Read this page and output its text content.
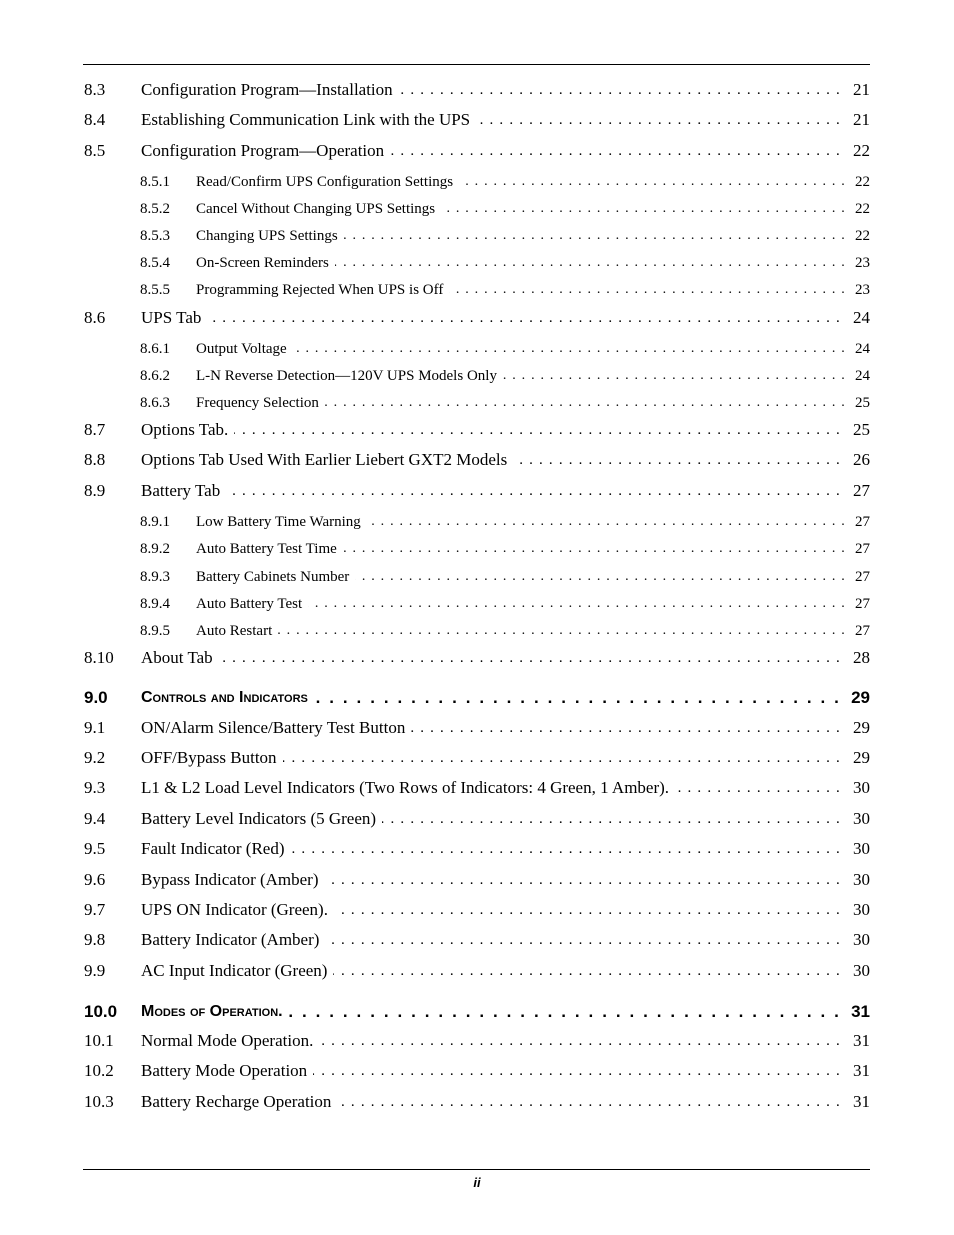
. . .
8.3 Configuration Program—Installation	21
. . .
8.4 Establishing Communication Link with the UPS	21
. . .
8.5 Configuration Program—Operation	22
. . .
8.5.1 Read/Confirm UPS Configuration Settings	22
. . .
8.5.2 Cancel Without Changing UPS Settings	22
. . .
8.5.3 Changing UPS Settings	22
. . .
8.5.4 On-Screen Reminders	23
. . .
8.5.5 Programming Rejected When UPS is Off	23
. . .
8.6 UPS Tab	24
. . .
8.6.1 Output Voltage	24
. . .
8.6.2 L-N Reverse Detection—120V UPS Models Only	24
. . .
8.6.3 Frequency Selection	25
. . .
8.7 Options Tab.	25
. . .
8.8 Options Tab Used With Earlier Liebert GXT2 Models	26
. . .
8.9 Battery Tab	27
. . .
8.9.1 Low Battery Time Warning	27
. . .
8.9.2 Auto Battery Test Time	27
. . .
8.9.3 Battery Cabinets Number	27
. . .
8.9.4 Auto Battery Test	27
. . .
8.9.5 Auto Restart	27
. . .
8.10 About Tab	28
. . .
9.0 Controls and Indicators	29
. . .
9.1 ON/Alarm Silence/Battery Test Button	29
. . .
9.2 OFF/Bypass Button	29
. . .
9.3 L1 & L2 Load Level Indicators (Two Rows of Indicators: 4 Green, 1 Amber).	30
. . .
9.4 Battery Level Indicators (5 Green)	30
. . .
9.5 Fault Indicator (Red)	30
. . .
9.6 Bypass Indicator (Amber)	30
. . .
9.7 UPS ON Indicator (Green).	30
. . .
9.8 Battery Indicator (Amber)	30
. . .
9.9 AC Input Indicator (Green)	30
. . .
10.0 Modes of Operation.	31
. . .
10.1 Normal Mode Operation.	31
. . .
10.2 Battery Mode Operation	31
. . .
10.3 Battery Recharge Operation	31
ii
